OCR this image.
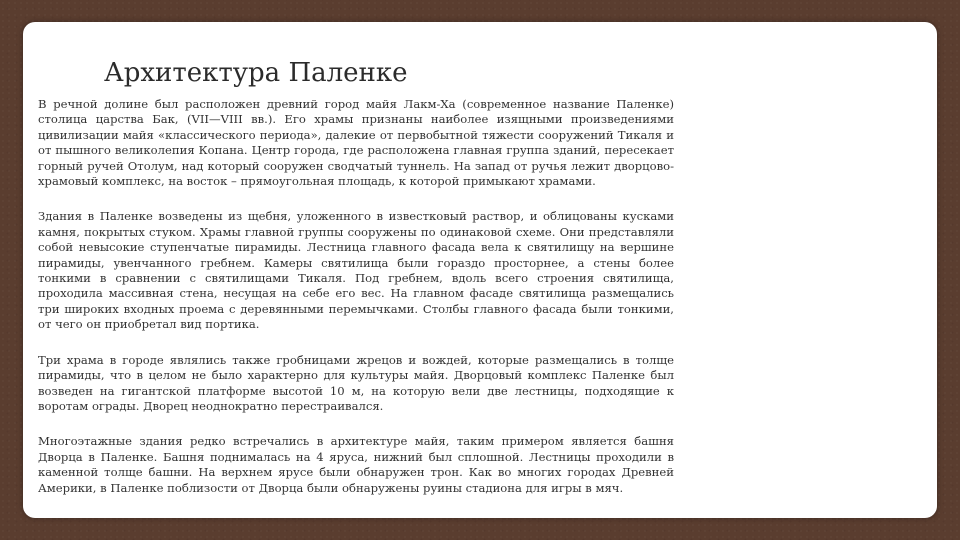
Архитектура Паленке

В речной долине был расположен древний город майя Лакм-Ха (современное название Паленке) столица царства Бак, (VII—VIII вв.). Его храмы признаны наиболее изящными произведениями цивилизации майя «классического периода», далекие от первобытной тяжести сооружений Тикаля и от пышного великолепия Копана. Центр города, где расположена главная группа зданий, пересекает горный ручей Отолум, над который сооружен сводчатый туннель. На запад от ручья лежит дворцово-храмовый комплекс, на восток – прямоугольная площадь, к которой примыкают храмами.

Здания в Паленке возведены из щебня, уложенного в известковый раствор, и облицованы кусками камня, покрытых стуком. Храмы главной группы сооружены по одинаковой схеме. Они представляли собой невысокие ступенчатые пирамиды. Лестница главного фасада вела к святилищу на вершине пирамиды, увенчанного гребнем. Камеры святилища были гораздо просторнее, а стены более тонкими в сравнении с святилищами Тикаля. Под гребнем, вдоль всего строения святилища, проходила массивная стена, несущая на себе его вес. На главном фасаде святилища размещались три широких входных проема с деревянными перемычками. Столбы главного фасада были тонкими, от чего он приобретал вид портика.

Три храма в городе являлись также гробницами жрецов и вождей, которые размещались в толще пирамиды, что в целом не было характерно для культуры майя. Дворцовый комплекс Паленке был возведен на гигантской платформе высотой 10 м, на которую вели две лестницы, подходящие к воротам ограды. Дворец неоднократно перестраивался.

Многоэтажные здания редко встречались в архитектуре майя, таким примером является башня Дворца в Паленке. Башня поднималась на 4 яруса, нижний был сплошной. Лестницы проходили в каменной толще башни. На верхнем ярусе были обнаружен трон. Как во многих городах Древней Америки, в Паленке поблизости от Дворца были обнаружены руины стадиона для игры в мяч.
